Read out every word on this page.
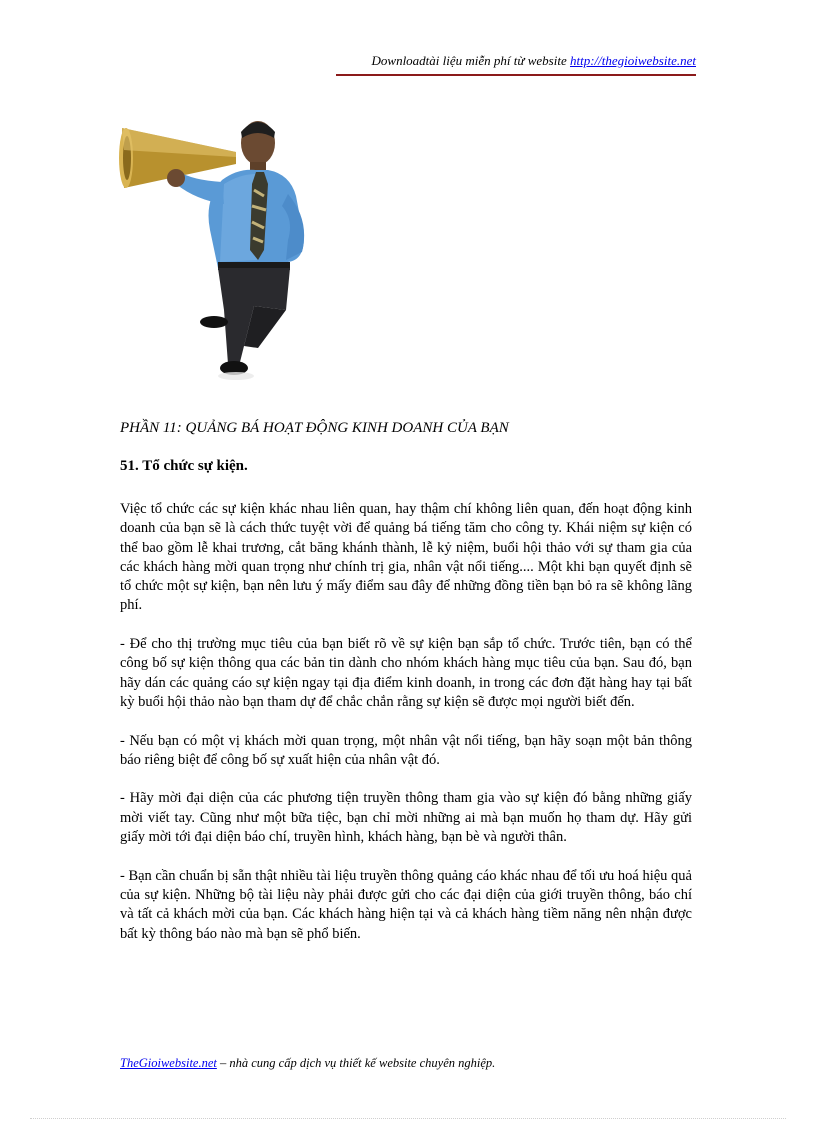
Downloadtài liệu miễn phí từ website http://thegioiwebsite.net
PHẦN 11: QUẢNG BÁ HOẠT ĐỘNG KINH DOANH CỦA BẠN
51. Tổ chức sự kiện.

Việc tổ chức các sự kiện khác nhau liên quan, hay thậm chí không liên quan, đến hoạt động kinh doanh của bạn sẽ là cách thức tuyệt vời để quảng bá tiếng tăm cho công ty. Khái niệm sự kiện có thể bao gồm lễ khai trương, cắt băng khánh thành, lễ kỷ niệm, buổi hội thảo với sự tham gia của các khách hàng mời quan trọng như chính trị gia, nhân vật nổi tiếng.... Một khi bạn quyết định sẽ tổ chức một sự kiện, bạn nên lưu ý mấy điểm sau đây để những đồng tiền bạn bỏ ra sẽ không lãng phí.

- Để cho thị trường mục tiêu của bạn biết rõ về sự kiện bạn sắp tổ chức. Trước tiên, bạn có thể công bố sự kiện thông qua các bản tin dành cho nhóm khách hàng mục tiêu của bạn. Sau đó, bạn hãy dán các quảng cáo sự kiện ngay tại địa điểm kinh doanh, in trong các đơn đặt hàng hay tại bất kỳ buổi hội thảo nào bạn tham dự để chắc chắn rằng sự kiện sẽ được mọi người biết đến.

- Nếu bạn có một vị khách mời quan trọng, một nhân vật nổi tiếng, bạn hãy soạn một bản thông báo riêng biệt để công bố sự xuất hiện của nhân vật đó.

- Hãy mời đại diện của các phương tiện truyền thông tham gia vào sự kiện đó bằng những giấy mời viết tay. Cũng như một bữa tiệc, bạn chỉ mời những ai mà bạn muốn họ tham dự. Hãy gửi giấy mời tới đại diện báo chí, truyền hình, khách hàng, bạn bè và người thân.

- Bạn cần chuẩn bị sẵn thật nhiều tài liệu truyền thông quảng cáo khác nhau để tối ưu hoá hiệu quả của sự kiện. Những bộ tài liệu này phải được gửi cho các đại diện của giới truyền thông, báo chí và tất cả khách mời của bạn. Các khách hàng hiện tại và cả khách hàng tiềm năng nên nhận được bất kỳ thông báo nào mà bạn sẽ phổ biến.

TheGioiwebsite.net – nhà cung cấp dịch vụ thiết kế website chuyên nghiệp.
